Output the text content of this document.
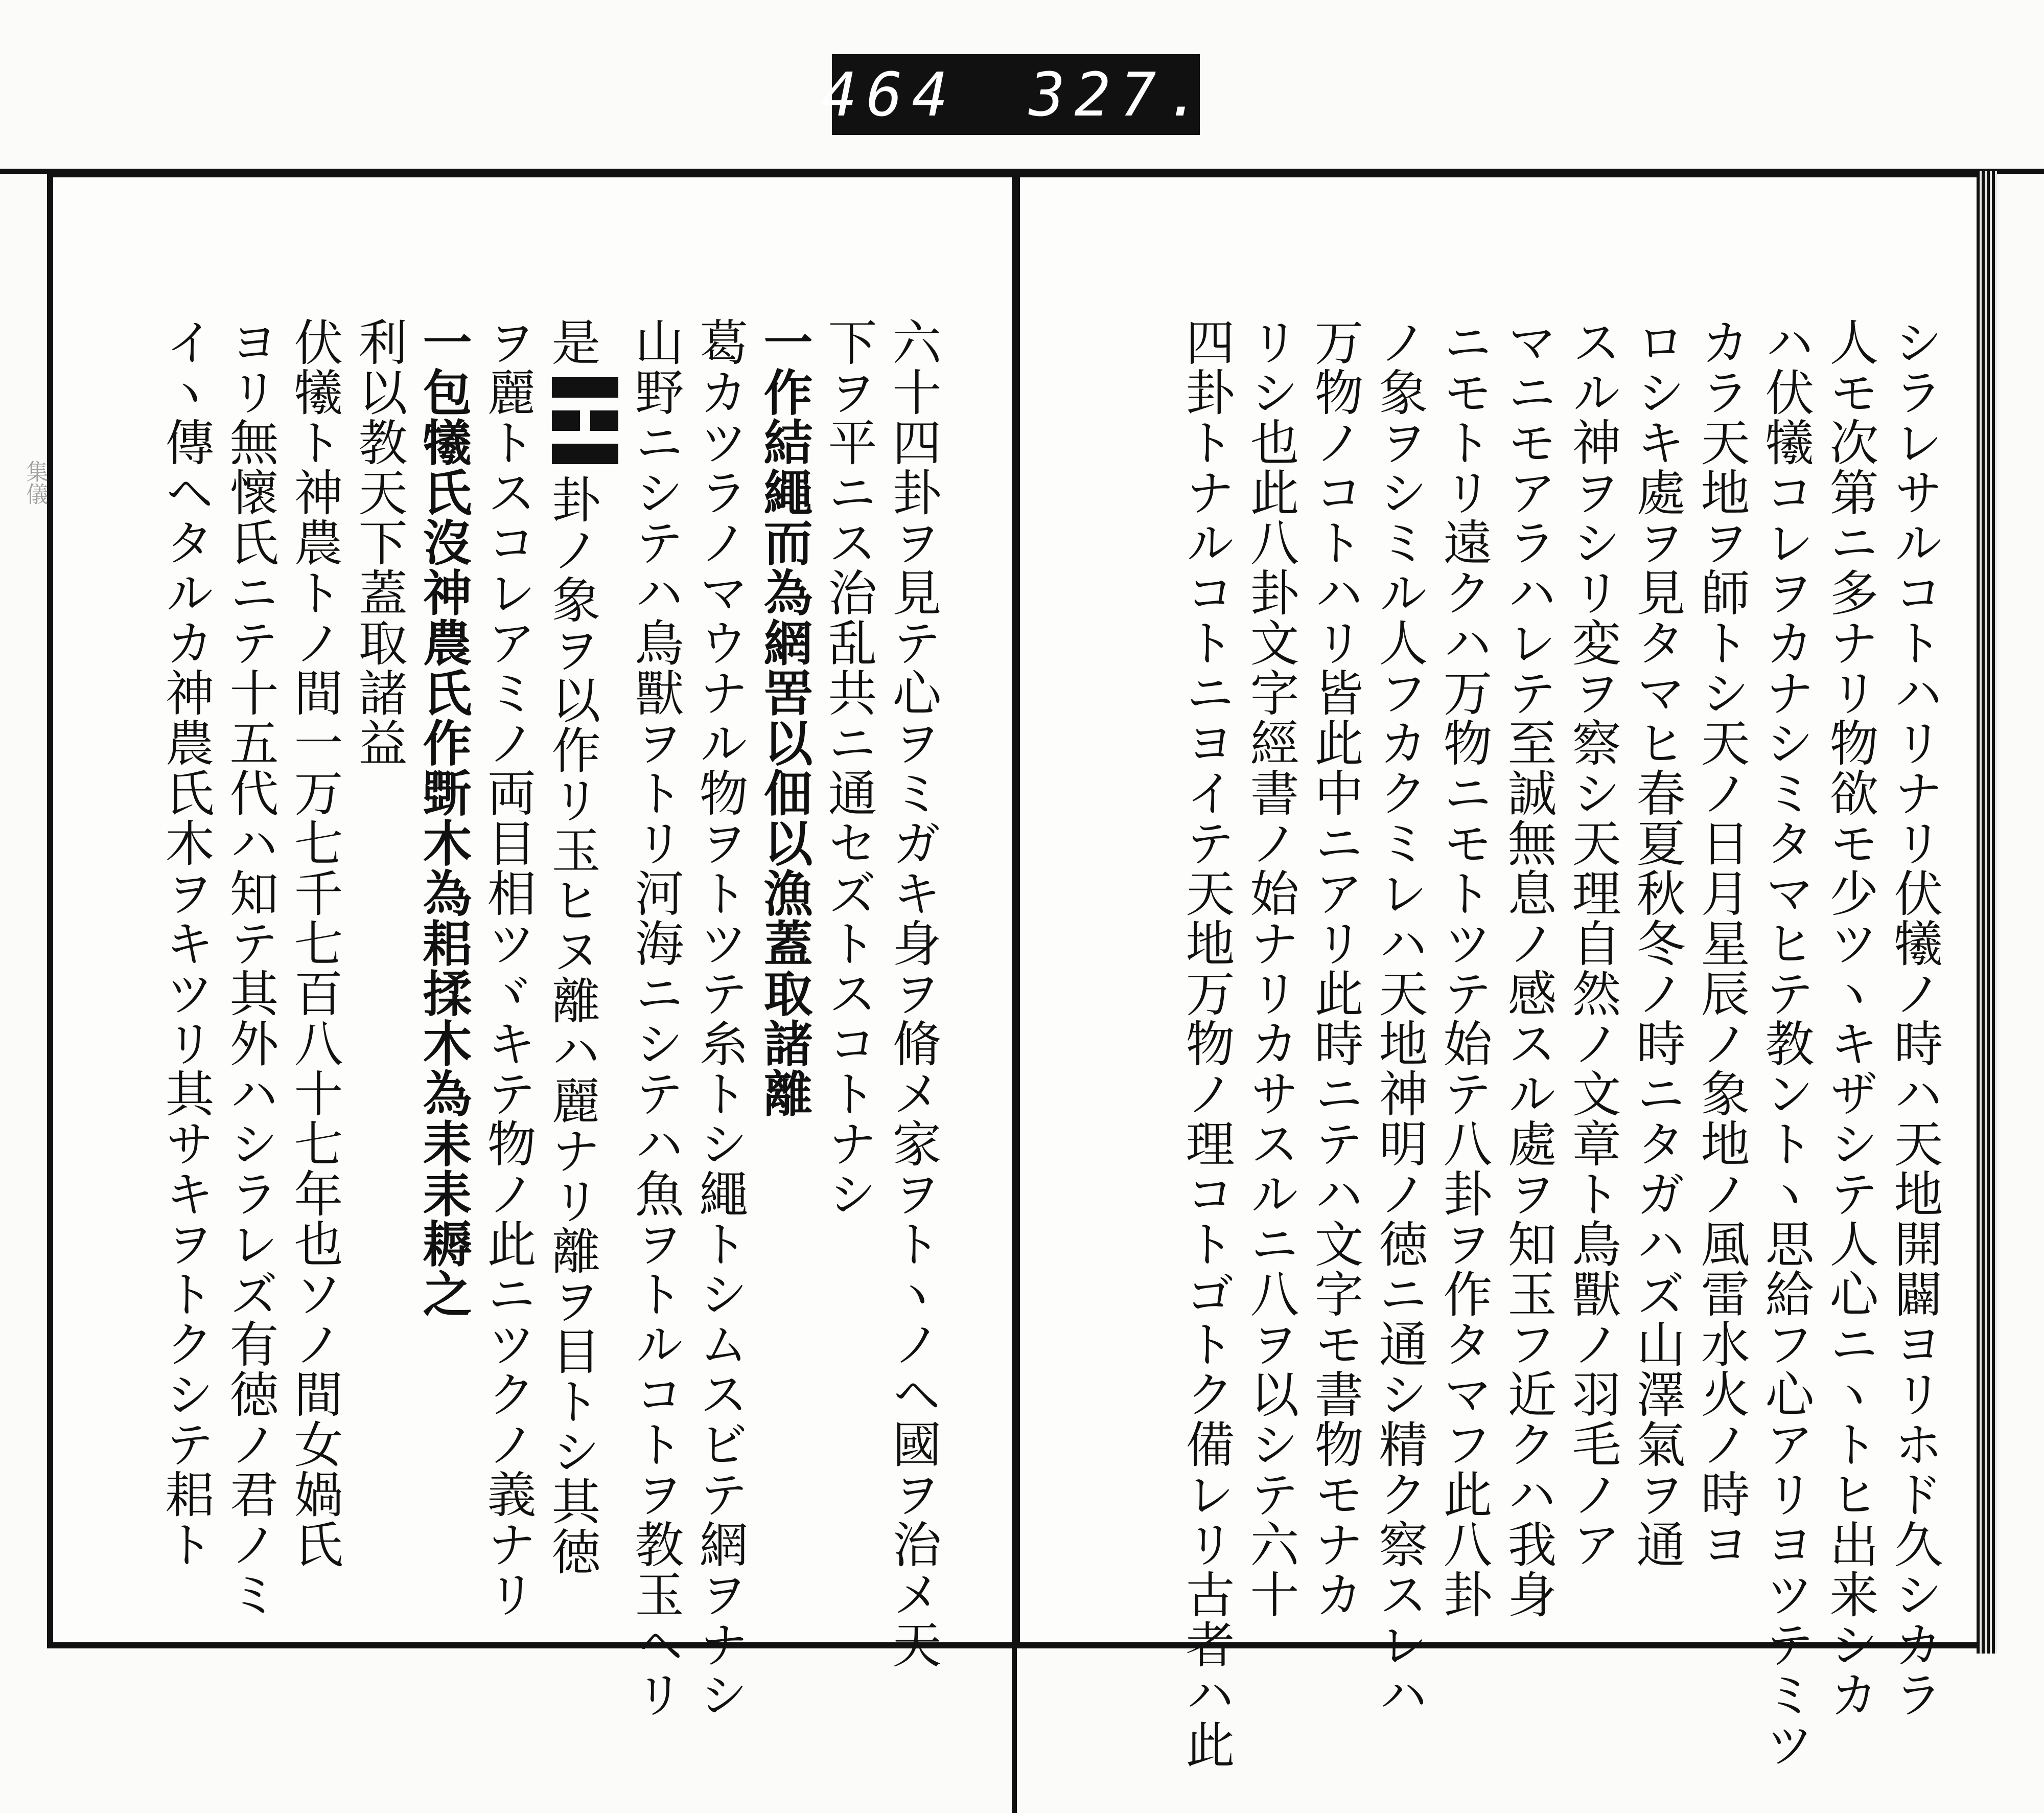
464 327.
集儀	シラレサルコトハリナリ伏犧ノ時ハ天地開闢ヨリホド久シカラ
人モ次第ニ多ナリ物欲モ少ツヽキザシテ人心ニヽトヒ出来シカ
ハ伏犧コレヲカナシミタマヒテ教ントヽ思給フ心アリヨツテミツ
カラ天地ヲ師トシ天ノ日月星辰ノ象地ノ風雷水火ノ時ヨ
ロシキ處ヲ見タマヒ春夏秋冬ノ時ニタガハズ山澤氣ヲ通
スル神ヲシリ変ヲ察シ天理自然ノ文章ト鳥獸ノ羽毛ノア
マニモアラハレテ至誠無息ノ感スル處ヲ知玉フ近クハ我身
ニモトリ遠クハ万物ニモトツテ始テ八卦ヲ作タマフ此八卦
ノ象ヲシミル人フカクミレハ天地神明ノ徳ニ通シ精ク察スレハ
万物ノコトハリ皆此中ニアリ此時ニテハ文字モ書物モナカ
リシ也此八卦文字經書ノ始ナリカサスルニ八ヲ以シテ六十
四卦トナルコトニヨイテ天地万物ノ理コトゴトク備レリ古者ハ此
六十四卦ヲ見テ心ヲミガキ身ヲ脩メ家ヲトヽノヘ國ヲ治メ天
下ヲ平ニス治乱共ニ通セズトスコトナシ
一作結繩而為網罟以佃以漁蓋取諸離
葛カツラノマウナル物ヲトツテ糸トシ繩トシムスビテ網ヲナシ
山野ニシテハ鳥獸ヲトリ河海ニシテハ魚ヲトルコトヲ教玉ヘリ
是卦ノ象ヲ以作リ玉ヒヌ離ハ麗ナリ離ヲ目トシ其徳
ヲ麗トスコレアミノ両目相ツヾキテ物ノ此ニツクノ義ナリ
一包犧氏沒神農氏作斲木為耜揉木為耒耒耨之
利以教天下蓋取諸益
伏犧ト神農トノ間一万七千七百八十七年也ソノ間女媧氏
ヨリ無懷氏ニテ十五代ハ知テ其外ハシラレズ有徳ノ君ノミ
イヽ傳ヘタルカ神農氏木ヲキツリ其サキヲトクシテ耜ト
